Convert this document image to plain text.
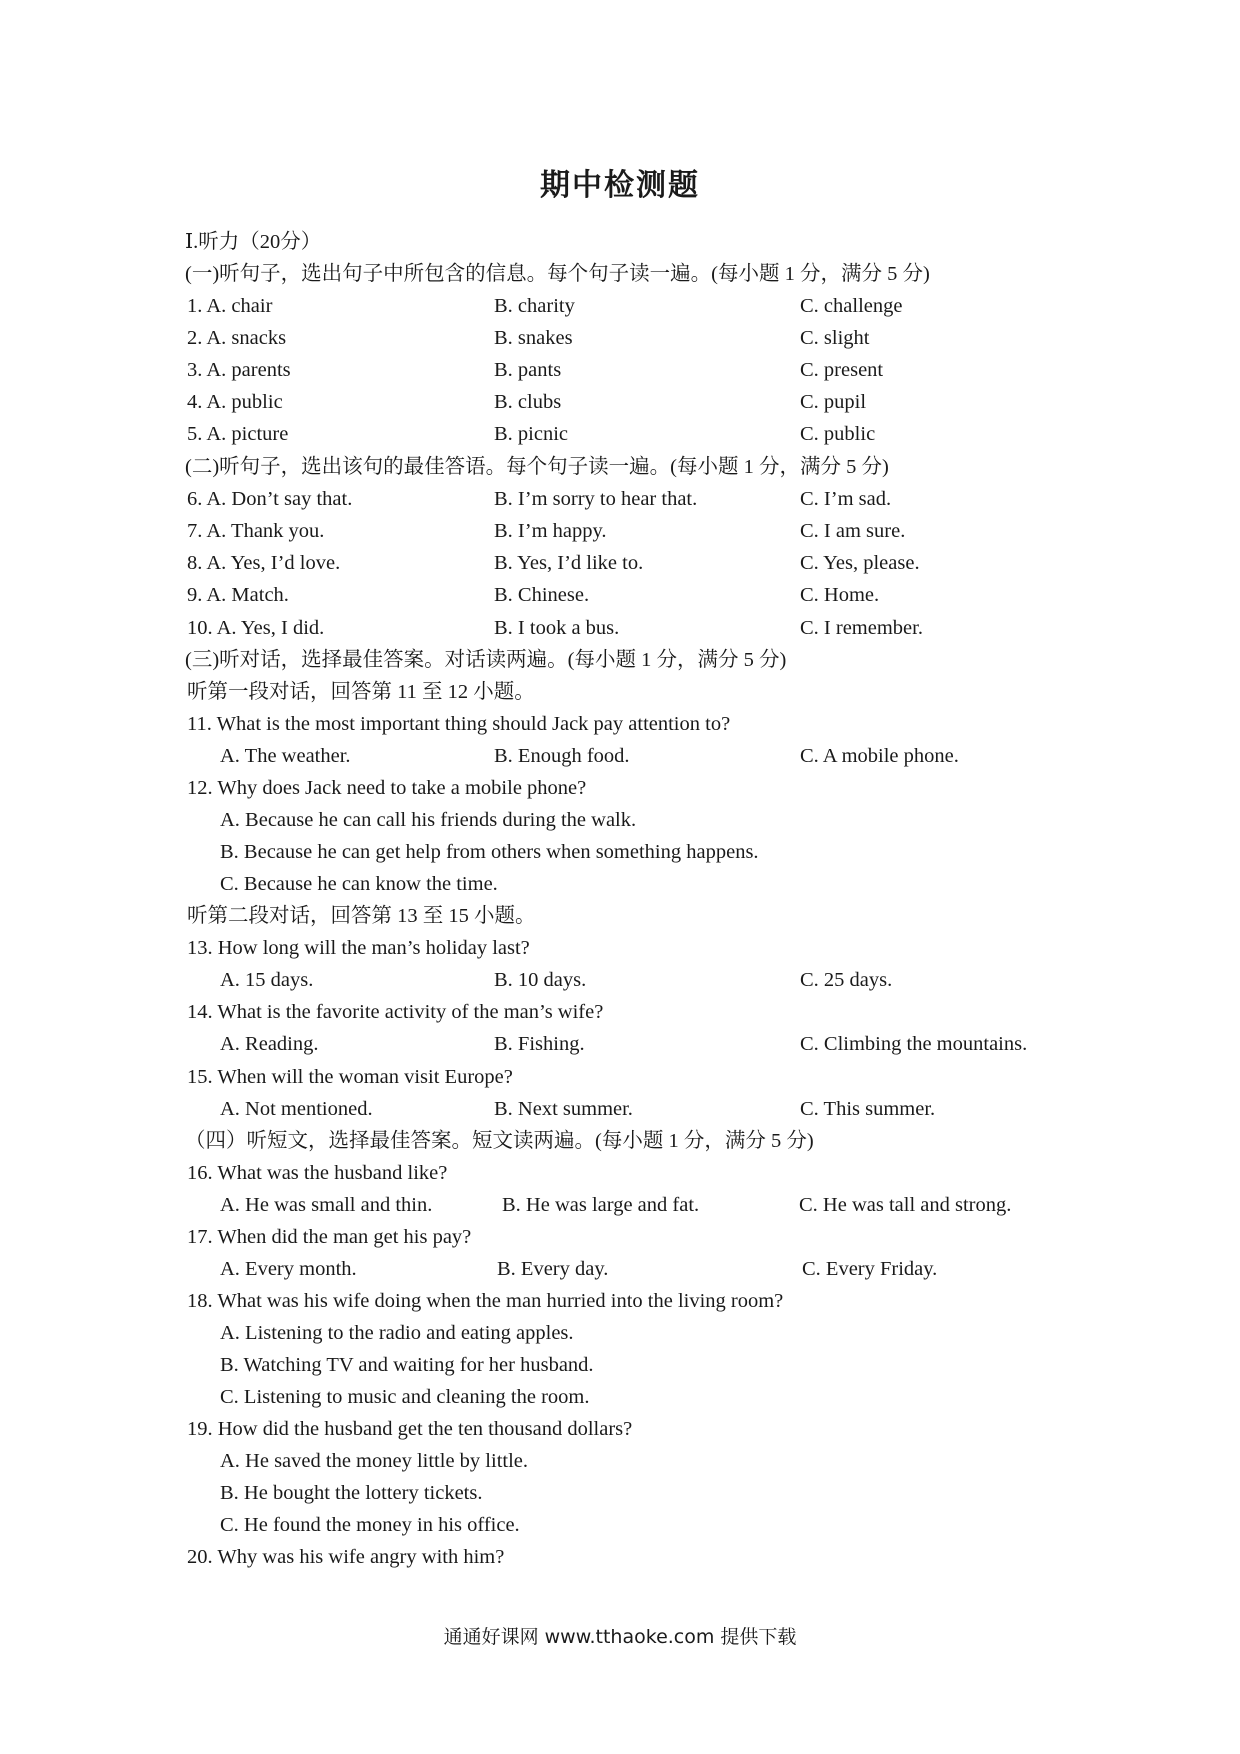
期中检测题
Ⅰ.听力（20分）
(一)听句子，选出句子中所包含的信息。每个句子读一遍。(每小题 1 分，满分 5 分)
1. A. chair	B. charity	C. challenge
2. A. snacks	B. snakes	C. slight
3. A. parents	B. pants	C. present
4. A. public	B. clubs	C. pupil
5. A. picture	B. picnic	C. public
(二)听句子，选出该句的最佳答语。每个句子读一遍。(每小题 1 分，满分 5 分)
6. A. Don’t say that.	B. I’m sorry to hear that.	C. I’m sad.
7. A. Thank you.	B. I’m happy.	C. I am sure.
8. A. Yes, I’d love.	B. Yes, I’d like to.	C. Yes, please.
9. A. Match.	B. Chinese.	C. Home.
10. A. Yes, I did.	B. I took a bus.	C. I remember.
(三)听对话，选择最佳答案。对话读两遍。(每小题 1 分，满分 5 分)
听第一段对话，回答第 11 至 12 小题。
11. What is the most important thing should Jack pay attention to?
A. The weather.	B. Enough food.	C. A mobile phone.
12. Why does Jack need to take a mobile phone?
A. Because he can call his friends during the walk.
B. Because he can get help from others when something happens.
C. Because he can know the time.
听第二段对话，回答第 13 至 15 小题。
13. How long will the man’s holiday last?
A. 15 days.	B. 10 days.	C. 25 days.
14. What is the favorite activity of the man’s wife?
A. Reading.	B. Fishing.	C. Climbing the mountains.
15. When will the woman visit Europe?
A. Not mentioned.	B. Next summer.	C. This summer.
（四）听短文，选择最佳答案。短文读两遍。(每小题 1 分，满分 5 分)
16. What was the husband like?
A. He was small and thin.	B. He was large and fat.	C. He was tall and strong.
17. When did the man get his pay?
A. Every month.	B. Every day.	C. Every Friday.
18. What was his wife doing when the man hurried into the living room?
A. Listening to the radio and eating apples.
B. Watching TV and waiting for her husband.
C. Listening to music and cleaning the room.
19. How did the husband get the ten thousand dollars?
A. He saved the money little by little.
B. He bought the lottery tickets.
C. He found the money in his office.
20. Why was his wife angry with him?
通通好课网 www.tthaoke.com 提供下载
